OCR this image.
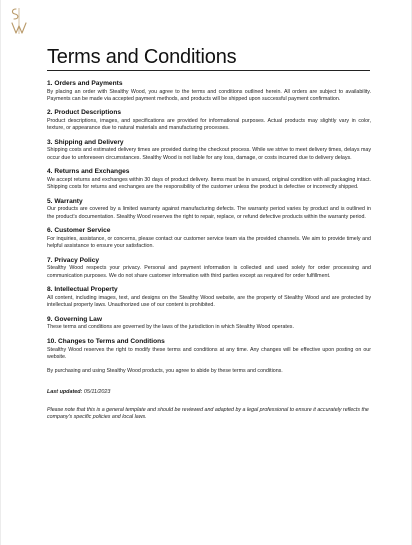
Terms and Conditions
1. Orders and Payments

By placing an order with Stealthy Wood, you agree to the terms and conditions outlined herein. All orders are subject to availability. Payments can be made via accepted payment methods, and products will be shipped upon successful payment confirmation.

2. Product Descriptions

Product descriptions, images, and specifications are provided for informational purposes. Actual products may slightly vary in color, texture, or appearance due to natural materials and manufacturing processes.

3. Shipping and Delivery

Shipping costs and estimated delivery times are provided during the checkout process. While we strive to meet delivery times, delays may occur due to unforeseen circumstances. Stealthy Wood is not liable for any loss, damage, or costs incurred due to delivery delays.

4. Returns and Exchanges

We accept returns and exchanges within 30 days of product delivery. Items must be in unused, original condition with all packaging intact. Shipping costs for returns and exchanges are the responsibility of the customer unless the product is defective or incorrectly shipped.

5. Warranty

Our products are covered by a limited warranty against manufacturing defects. The warranty period varies by product and is outlined in the product's documentation. Stealthy Wood reserves the right to repair, replace, or refund defective products within the warranty period.

6. Customer Service

For inquiries, assistance, or concerns, please contact our customer service team via the provided channels. We aim to provide timely and helpful assistance to ensure your satisfaction.

7. Privacy Policy

Stealthy Wood respects your privacy. Personal and payment information is collected and used solely for order processing and communication purposes. We do not share customer information with third parties except as required for order fulfillment.

8. Intellectual Property

All content, including images, text, and designs on the Stealthy Wood website, are the property of Stealthy Wood and are protected by intellectual property laws. Unauthorized use of our content is prohibited.

9. Governing Law

These terms and conditions are governed by the laws of the jurisdiction in which Stealthy Wood operates.

10. Changes to Terms and Conditions

Stealthy Wood reserves the right to modify these terms and conditions at any time. Any changes will be effective upon posting on our website.

By purchasing and using Stealthy Wood products, you agree to abide by these terms and conditions.

Last updated: 05/11/2023

Please note that this is a general template and should be reviewed and adapted by a legal professional to ensure it accurately reflects the company's specific policies and local laws.
